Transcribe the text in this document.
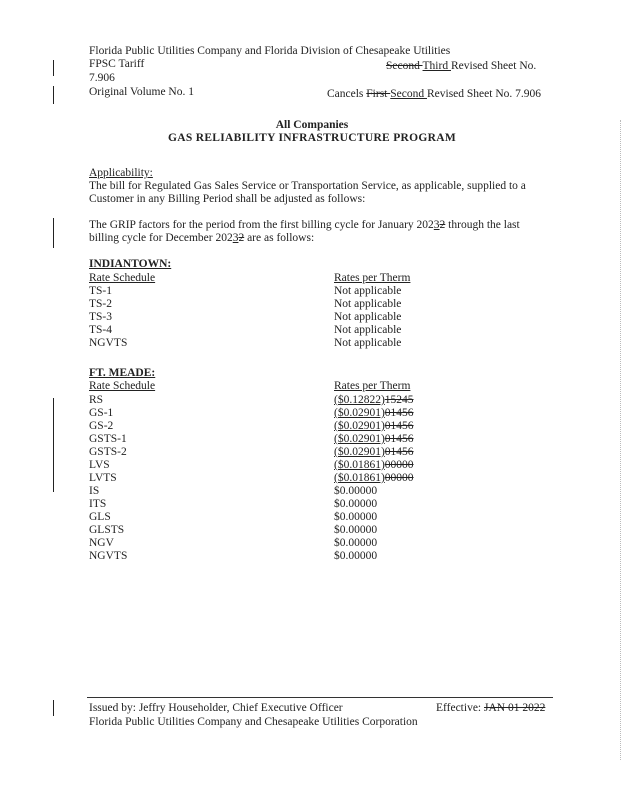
Florida Public Utilities Company and Florida Division of Chesapeake Utilities
FPSC Tariff	Second Third Revised Sheet No.
7.906
Original Volume No. 1	Cancels First Second Revised Sheet No. 7.906
All Companies
GAS RELIABILITY INFRASTRUCTURE PROGRAM
Applicability:
The bill for Regulated Gas Sales Service or Transportation Service, as applicable, supplied to a
Customer in any Billing Period shall be adjusted as follows:
The GRIP factors for the period from the first billing cycle for January 20232 through the last
billing cycle for December 20232 are as follows:
INDIANTOWN:
Rate Schedule	Rates per Therm
TS-1	Not applicable
TS-2	Not applicable
TS-3	Not applicable
TS-4	Not applicable
NGVTS	Not applicable
FT. MEADE:
Rate Schedule	Rates per Therm
RS	($0.12822)15245
GS-1	($0.02901)01456
GS-2	($0.02901)01456
GSTS-1	($0.02901)01456
GSTS-2	($0.02901)01456
LVS	($0.01861)00000
LVTS	($0.01861)00000
IS	$0.00000
ITS	$0.00000
GLS	$0.00000
GLSTS	$0.00000
NGV	$0.00000
NGVTS	$0.00000
Issued by: Jeffry Householder, Chief Executive Officer	Effective: JAN 01 2022
Florida Public Utilities Company and Chesapeake Utilities Corporation
